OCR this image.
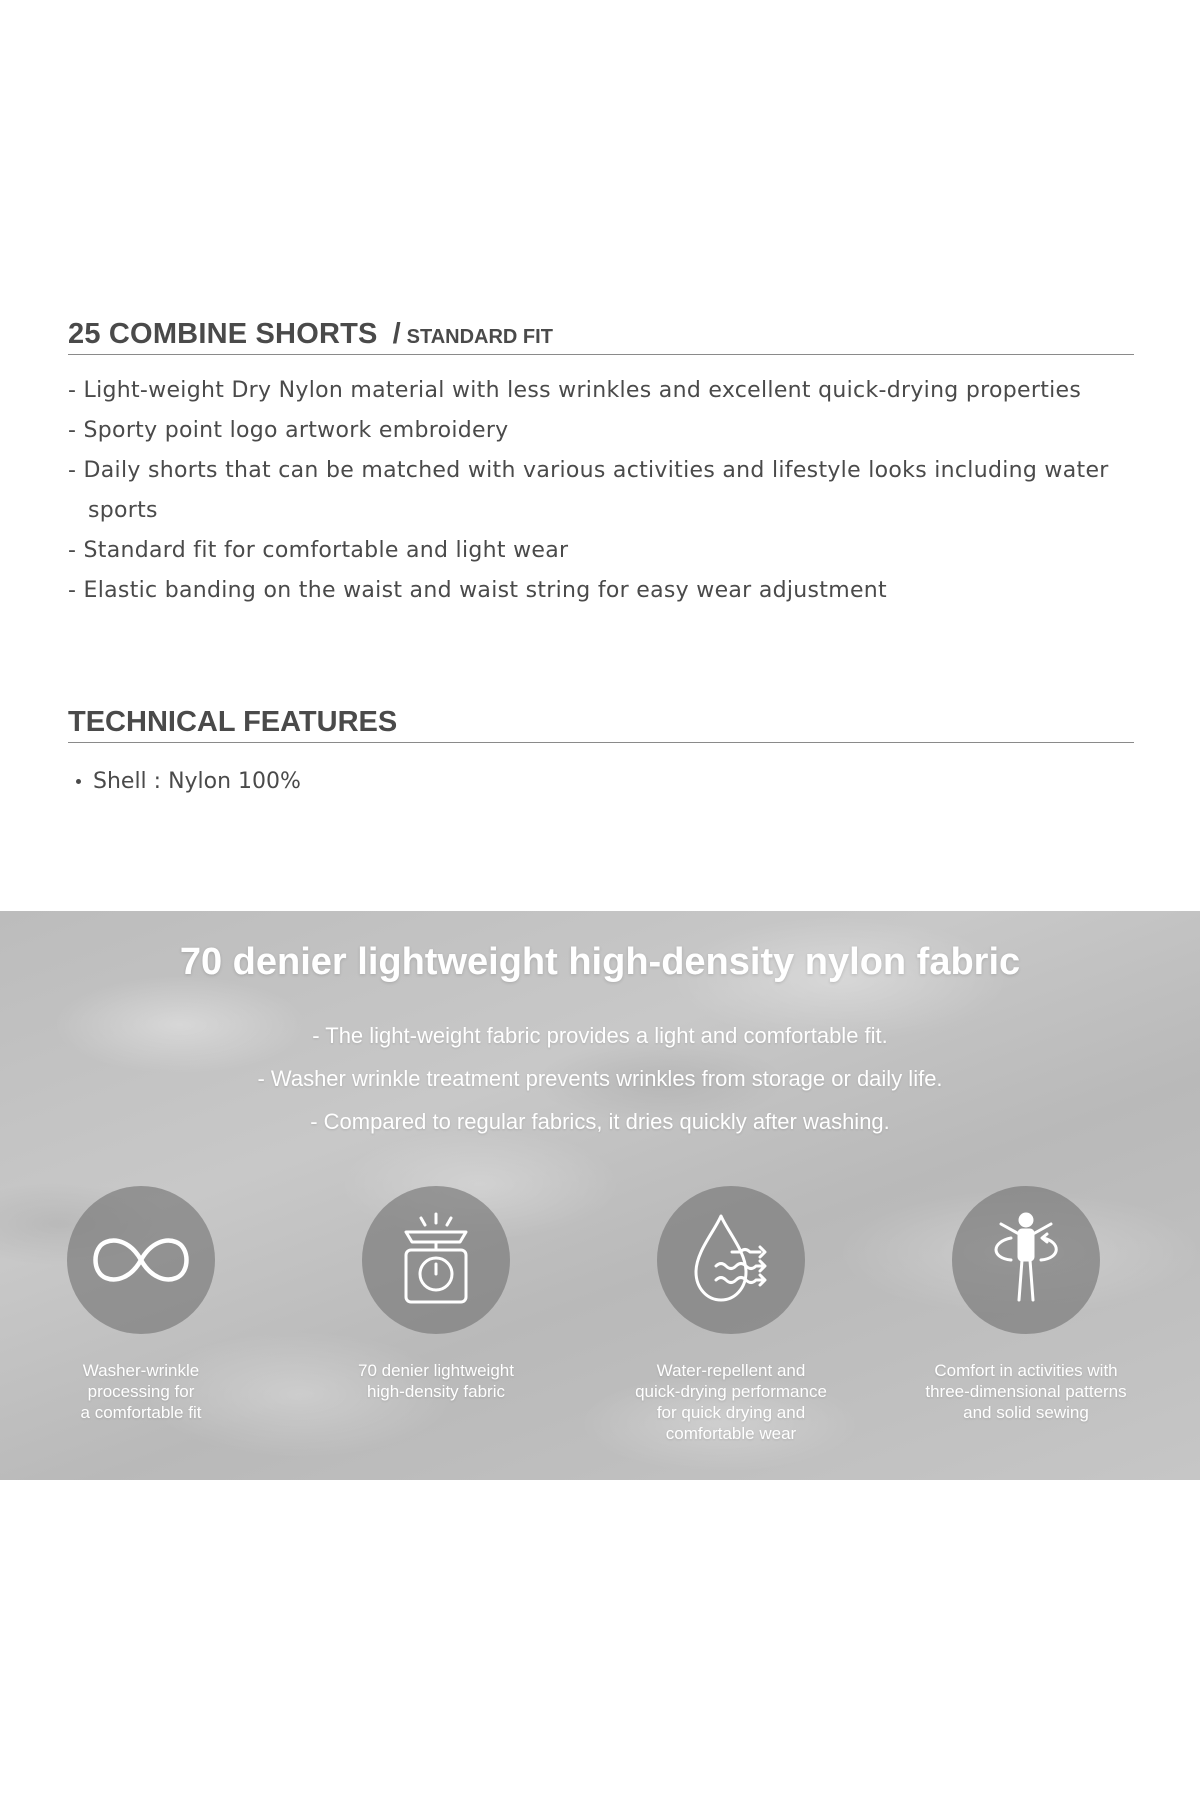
25 COMBINE SHORTS / STANDARD FIT
- Light-weight Dry Nylon material with less wrinkles and excellent quick-drying properties
- Sporty point logo artwork embroidery
- Daily shorts that can be matched with various activities and lifestyle looks including water sports
- Standard fit for comfortable and light wear
- Elastic banding on the waist and waist string for easy wear adjustment
TECHNICAL FEATURES
Shell : Nylon 100%
70 denier lightweight high-density nylon fabric
- The light-weight fabric provides a light and comfortable fit.
- Washer wrinkle treatment prevents wrinkles from storage or daily life.
- Compared to regular fabrics, it dries quickly after washing.
Washer-wrinkle
processing for
a comfortable fit
70 denier lightweight
high-density fabric
Water-repellent and
quick-drying performance
for quick drying and
comfortable wear
Comfort in activities with
three-dimensional patterns
and solid sewing
